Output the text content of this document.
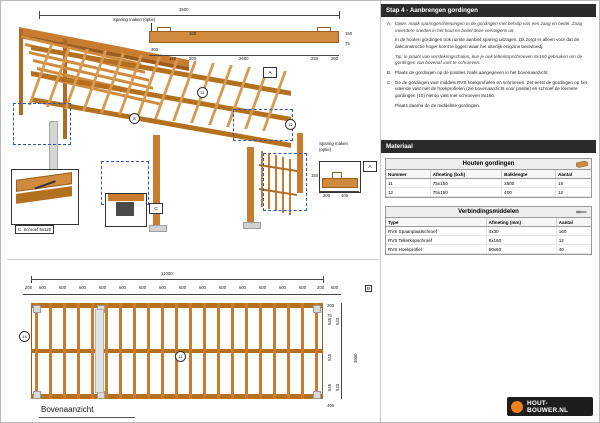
3500
Sparing maken (optie)
300
310	200	2600	250	200
150
75
100
A
Sparing maken
(optie)
A
200	400
150
C. Schroef 5x120
C
B
11
12
11000
200 600	600	600	600	600	600	600	600	600	600	600	600	600	600	200 600	B
14
11
200
75
545 543
545	3500
543
545
400
Bovenaanzicht
Stap 4 - Aanbrengen gordingen
A. Optie: maak sparingen/inkepingen in de gordingen met behulp van een zaag en beitel. Zaag meerdere sneden in het hout en beitel deze vervolgens uit.
In de houten gordingen ook ruimte aanbief sparing uitzagen. Dit zorgt er alleen voor dat de dakconstructie hoger komt te liggen waar het uiterlijk enigzins beinvloedj.
Tip: in plaats van verstekringschalen, kun je ook telterkopschroeven 8x160 gebruiken om de gordingen van bovenaf vast te schroeven.
B. Plaats de gordingen op de posities zoals aangegeven in het bovenaanzicht.
C. De de gordingen vast middels RVS hoekprofielen en schroeven. Zet eerst de gordingen op het uiteinde vast met de hoekprofielen (zie bovenaanzicht voor positie) en schroef de klemere gordingen (10) hierop vast met schroeven 8x160.
Plaats daarna de de middelste gordingen.
Materiaal
Houten gordingen
Nummer	Afmeting (bxh)	Balklengte	Aantal
11	75x150	3500	18
12	75x150	400	12
Verbindingsmiddelen
Type	Afmeting (mm)	Aantal
RVS Spaanplaatschroef	4x30	160
RVS Tellerkopschroef	8x160	12
RVS Hoekprofiel	60x60	40
HOUT-BOUWER.NL
